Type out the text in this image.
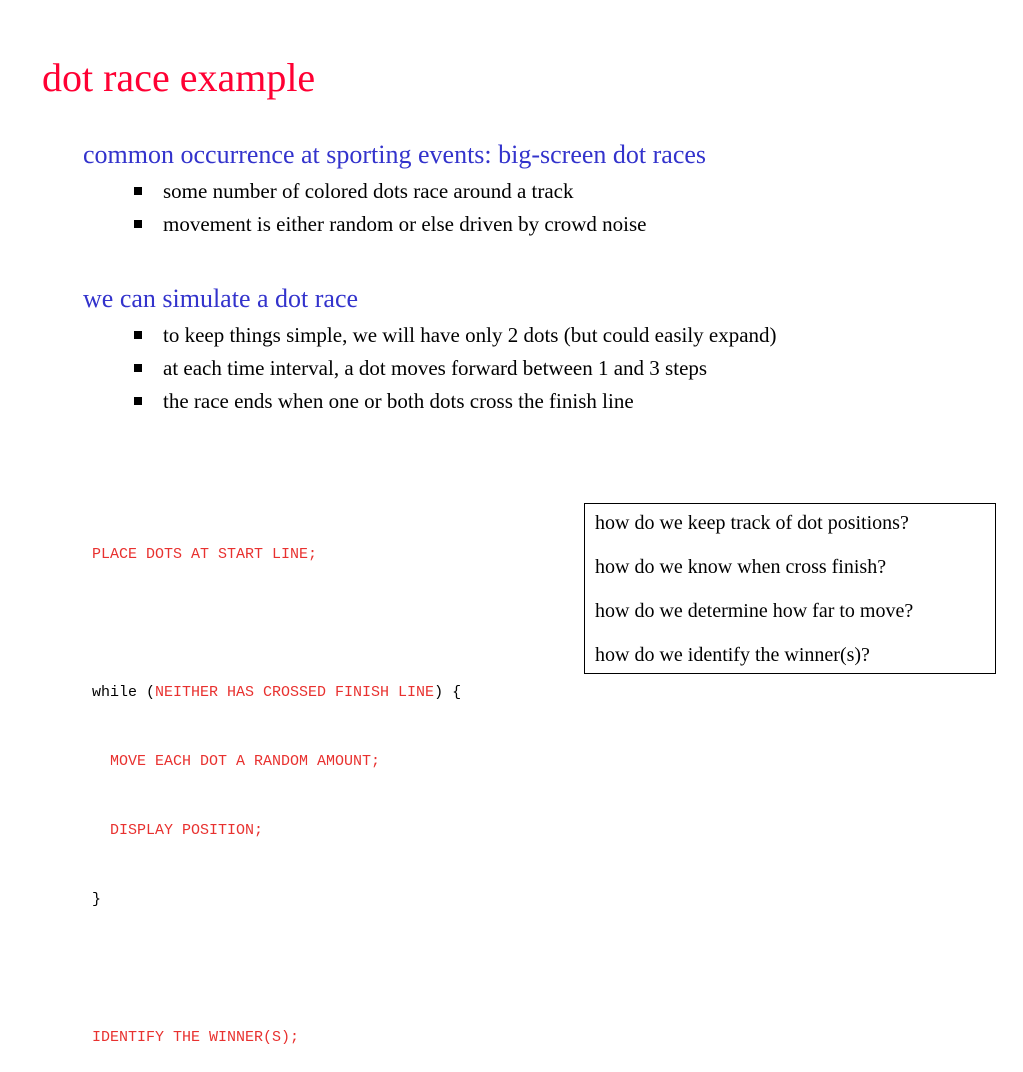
dot race example
common occurrence at sporting events: big-screen dot races
some number of colored dots race around a track
movement is either random or else driven by crowd noise
we can simulate a dot race
to keep things simple, we will have only 2 dots (but could easily expand)
at each time interval, a dot moves forward between 1 and 3 steps
the race ends when one or both dots cross the finish line

PLACE DOTS AT START LINE;

while (NEITHER HAS CROSSED FINISH LINE) {

MOVE EACH DOT A RANDOM AMOUNT;

DISPLAY POSITION;

}

IDENTIFY THE WINNER(S);

how do we keep track of dot positions?
how do we know when cross finish?
how do we determine how far to move?
how do we identify the winner(s)?
